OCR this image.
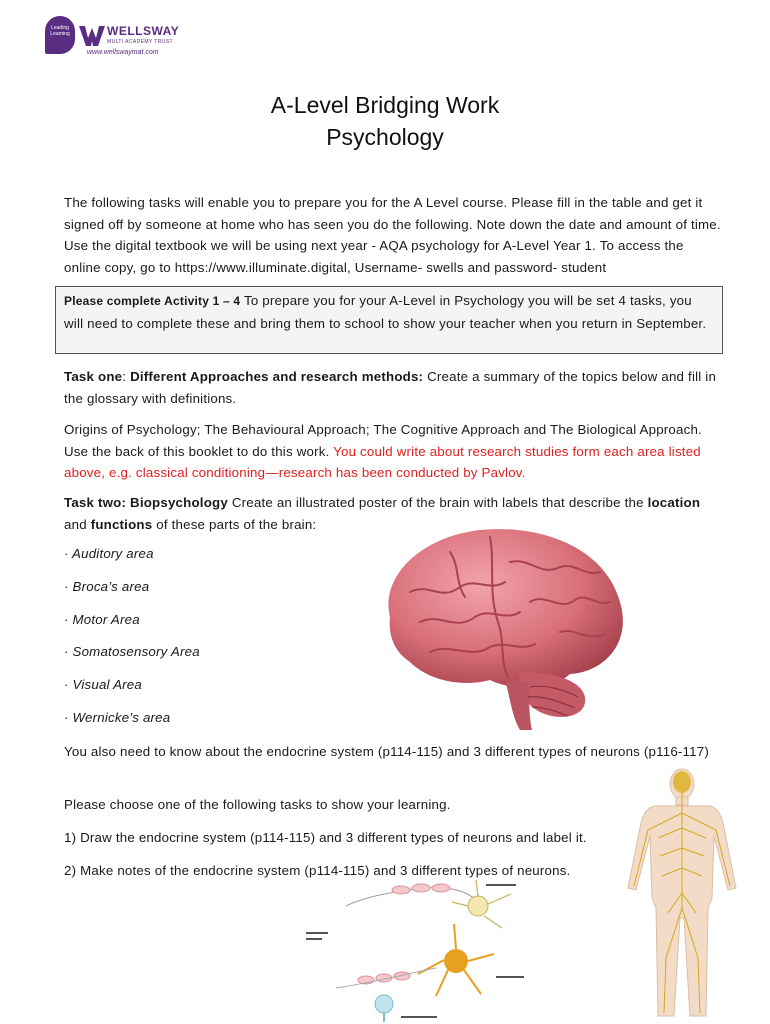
Leading Learning	WELLSWAY
MULTI ACADEMY TRUST
www.wellswaymat.com
A-Level Bridging Work
Psychology
The following tasks will enable you to prepare you for the A Level course. Please fill in the table and get it signed off by someone at home who has seen you do the following. Note down the date and amount of time. Use the digital textbook we will be using next year - AQA psychology for A-Level Year 1. To access the online copy, go to https://www.illuminate.digital, Username- swells and password- student
Please complete Activity 1 – 4 To prepare you for your A-Level in Psychology you will be set 4 tasks, you will need to complete these and bring them to school to show your teacher when you return in September.
Task one: Different Approaches and research methods: Create a summary of the topics below and fill in the glossary with definitions.
Origins of Psychology; The Behavioural Approach; The Cognitive Approach and The Biological Approach. Use the back of this booklet to do this work. You could write about research studies form each area listed above, e.g. classical conditioning—research has been conducted by Pavlov.
Task two: Biopsychology Create an illustrated poster of the brain with labels that describe the location
and functions of these parts of the brain:
· Auditory area
· Broca’s area
· Motor Area
· Somatosensory Area
· Visual Area
· Wernicke’s area
You also need to know about the endocrine system (p114-115) and 3 different types of neurons (p116-117)
Please choose one of the following tasks to show your learning.
1) Draw the endocrine system (p114-115) and 3 different types of neurons and label it.
2) Make notes of the endocrine system (p114-115) and 3 different types of neurons.
